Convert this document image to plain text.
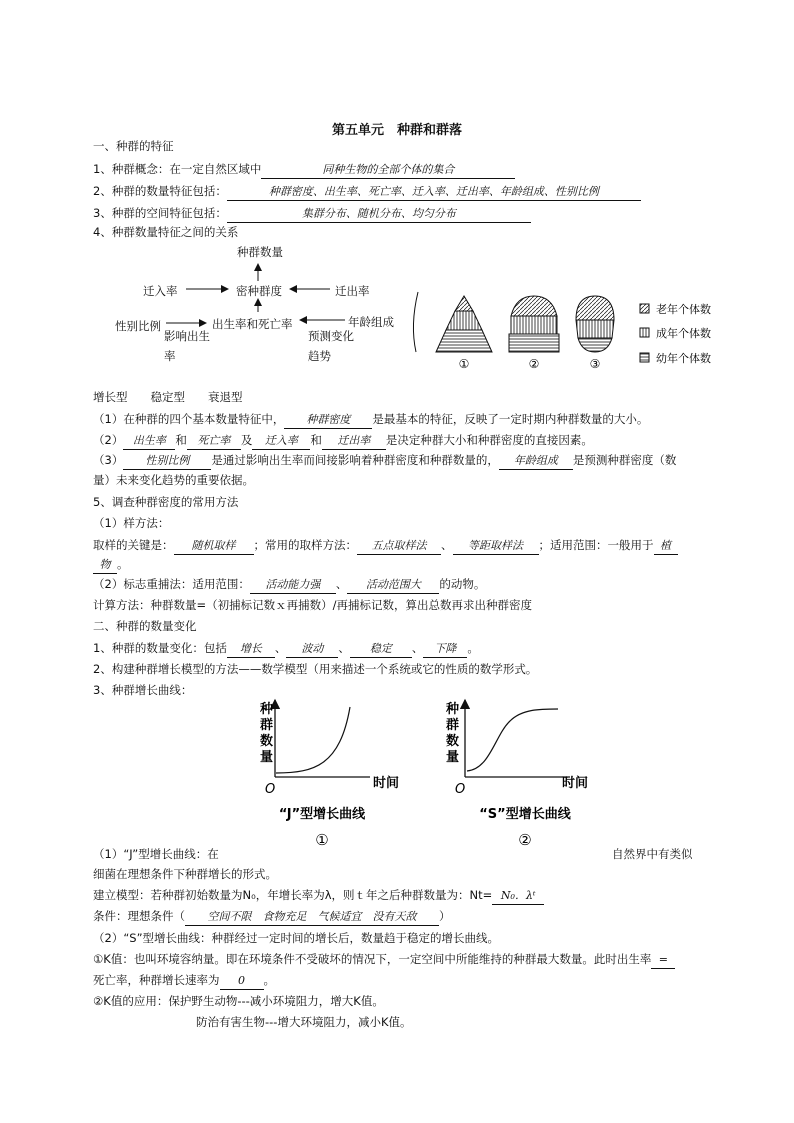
第五单元　种群和群落
一、种群的特征
1、种群概念：在一定自然区域中	同种生物的全部个体的集合
2、种群的数量特征包括：	种群密度、出生率、死亡率、迁入率、迁出率、年龄组成、性别比例
3、种群的空间特征包括：	集群分布、随机分布、均匀分布
4、种群数量特征之间的关系
种群数量
迁入率	密种群度	迁出率
性别比例	出生率和死亡率	年龄组成
影响出生率
预测变化趋势
①	②	③
老年个体数
成年个体数
幼年个体数
增长型　　稳定型　　衰退型
（1）在种群的四个基本数量特征中， 种群密度 是最基本的特征，反映了一定时期内种群数量的大小。
（2） 出生率 和 死亡率 及 迁入率 和 迁出率 是决定种群大小和种群密度的直接因素。
（3） 性别比例 是通过影响出生率而间接影响着种群密度和种群数量的， 年龄组成 是预测种群密度（数
量）未来变化趋势的重要依据。
5、调查种群密度的常用方法
（1）样方法：
取样的关键是： 随机取样 ；常用的取样方法： 五点取样法 、 等距取样法 ；适用范围：一般用于 植
物 。
（2）标志重捕法：适用范围： 活动能力强 、 活动范围大 的动物。
计算方法：种群数量=（初捕标记数ｘ再捕数）/再捕标记数，算出总数再求出种群密度
二、种群的数量变化
1、种群的数量变化：包括 增长 、 波动 、 稳定 、 下降 。
2、构建种群增长模型的方法——数学模型（用来描述一个系统或它的性质的数学形式。
3、种群增长曲线：
种
群
数
量
O	时间
“J”型增长曲线
①
种
群
数
量
O	时间
“S”型增长曲线
②
（1）“J”型增长曲线：在	自然界中有类似
细菌在理想条件下种群增长的形式。
建立模型：若种群初始数量为N₀，年增长率为λ，则ｔ年之后种群数量为：Nt= N₀．λᵗ
条件：理想条件（ 空间不限　食物充足　气候适宜　没有天敌 ）
（2）“S”型增长曲线：种群经过一定时间的增长后，数量趋于稳定的增长曲线。
①K值：也叫环境容纳量。即在环境条件不受破坏的情况下，一定空间中所能维持的种群最大数量。此时出生率 =
死亡率，种群增长速率为 0 。
②K值的应用：保护野生动物---减小环境阻力，增大K值。
防治有害生物---增大环境阻力，减小K值。
